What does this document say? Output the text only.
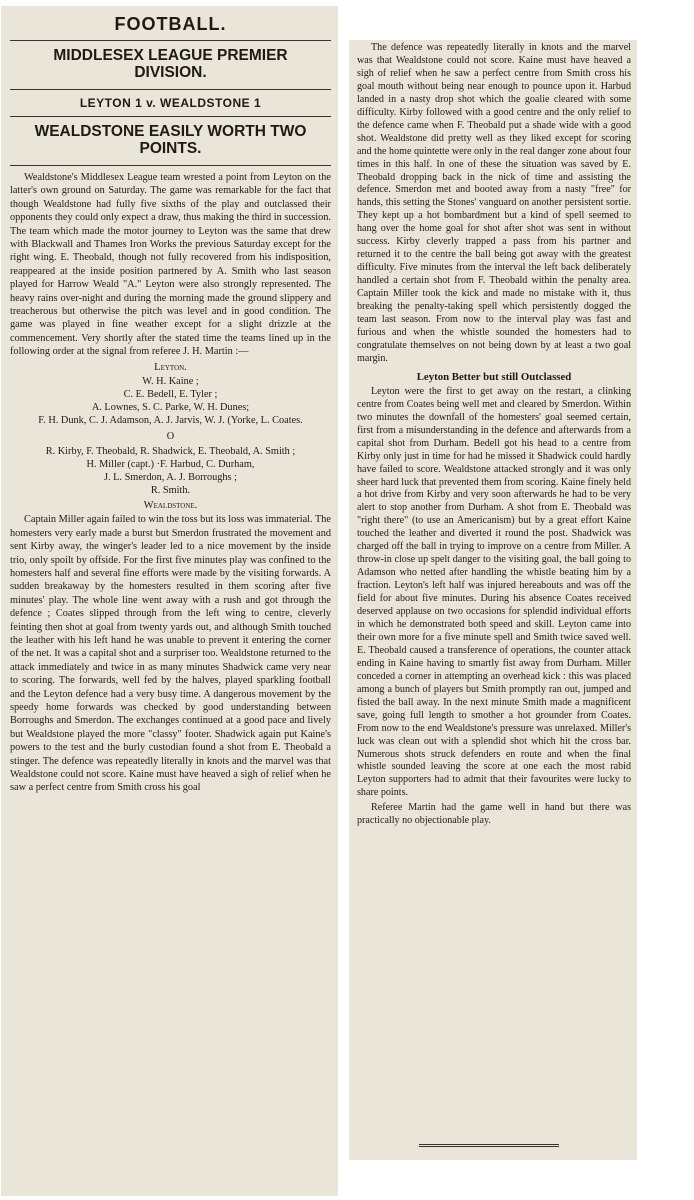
FOOTBALL.
MIDDLESEX LEAGUE PREMIER DIVISION.
LEYTON 1 v. WEALDSTONE 1
WEALDSTONE EASILY WORTH TWO POINTS.

Wealdstone's Middlesex League team wrested a point from Leyton on the latter's own ground on Saturday. The game was remarkable for the fact that though Wealdstone had fully five sixths of the play and outclassed their opponents they could only expect a draw, thus making the third in succession. The team which made the motor journey to Leyton was the same that drew with Blackwall and Thames Iron Works the previous Saturday except for the right wing. E. Theobald, though not fully recovered from his indisposition, reappeared at the inside position partnered by A. Smith who last season played for Harrow Weald "A." Leyton were also strongly represented. The heavy rains over-night and during the morning made the ground slippery and treacherous but otherwise the pitch was level and in good condition. The game was played in fine weather except for a slight drizzle at the commencement. Very shortly after the stated time the teams lined up in the following order at the signal from referee J. H. Martin :—

Leyton.

W. H. Kaine ;

C. E. Bedell, E. Tyler ;

A. Lownes, S. C. Parke, W. H. Dunes;

F. H. Dunk, C. J. Adamson, A. J. Jarvis, W. J. (Yorke, L. Coates.

O

R. Kirby, F. Theobald, R. Shadwick, E. Theobald, A. Smith ;

H. Miller (capt.) ·F. Harbud, C. Durham,

J. L. Smerdon, A. J. Borroughs ;

R. Smith.

Wealdstone.

Captain Miller again failed to win the toss but its loss was immaterial. The homesters very early made a burst but Smerdon frustrated the movement and sent Kirby away, the winger's leader led to a nice movement by the inside trio, only spoilt by offside. For the first five minutes play was confined to the homesters half and several fine efforts were made by the visiting forwards. A sudden breakaway by the homesters resulted in them scoring after five minutes' play. The whole line went away with a rush and got through the defence ; Coates slipped through from the left wing to centre, cleverly feinting then shot at goal from twenty yards out, and although Smith touched the leather with his left hand he was unable to prevent it entering the corner of the net. It was a capital shot and a surpriser too. Wealdstone returned to the attack immediately and twice in as many minutes Shadwick came very near to scoring. The forwards, well fed by the halves, played sparkling football and the Leyton defence had a very busy time. A dangerous movement by the speedy home forwards was checked by good understanding between Borroughs and Smerdon. The exchanges continued at a good pace and lively but Wealdstone played the more "classy" footer. Shadwick again put Kaine's powers to the test and the burly custodian found a shot from E. Theobald a stinger. The defence was repeatedly literally in knots and the marvel was that Wealdstone could not score. Kaine must have heaved a sigh of relief when he saw a perfect centre from Smith cross his goal

The defence was repeatedly literally in knots and the marvel was that Wealdstone could not score. Kaine must have heaved a sigh of relief when he saw a perfect centre from Smith cross his goal mouth without being near enough to pounce upon it. Harbud landed in a nasty drop shot which the goalie cleared with some difficulty. Kirby followed with a good centre and the only relief to the defence came when F. Theobald put a shade wide with a good shot. Wealdstone did pretty well as they liked except for scoring and the home quintette were only in the real danger zone about four times in this half. In one of these the situation was saved by E. Theobald dropping back in the nick of time and assisting the defence. Smerdon met and booted away from a nasty "free" for hands, this setting the Stones' vanguard on another persistent sortie. They kept up a hot bombardment but a kind of spell seemed to hang over the home goal for shot after shot was sent in without success. Kirby cleverly trapped a pass from his partner and returned it to the centre the ball being got away with the greatest difficulty. Five minutes from the interval the left back deliberately handled a certain shot from F. Theobald within the penalty area. Captain Miller took the kick and made no mistake with it, thus breaking the penalty-taking spell which persistently dogged the team last season. From now to the interval play was fast and furious and when the whistle sounded the homesters had to congratulate themselves on not being down by at least a two goal margin.

Leyton Better but still Outclassed

Leyton were the first to get away on the restart, a clinking centre from Coates being well met and cleared by Smerdon. Within two minutes the downfall of the homesters' goal seemed certain, first from a misunderstanding in the defence and afterwards from a capital shot from Durham. Bedell got his head to a centre from Kirby only just in time for had he missed it Shadwick could hardly have failed to score. Wealdstone attacked strongly and it was only sheer hard luck that prevented them from scoring. Kaine finely held a hot drive from Kirby and very soon afterwards he had to be very alert to stop another from Durham. A shot from E. Theobald was "right there" (to use an Americanism) but by a great effort Kaine touched the leather and diverted it round the post. Shadwick was charged off the ball in trying to improve on a centre from Miller. A throw-in close up spelt danger to the visiting goal, the ball going to Adamson who netted after handling the whistle beating him by a fraction. Leyton's left half was injured hereabouts and was off the field for about five minutes. During his absence Coates received deserved applause on two occasions for splendid individual efforts in which he demonstrated both speed and skill. Leyton came into their own more for a five minute spell and Smith twice saved well. E. Theobald caused a transference of operations, the counter attack ending in Kaine having to smartly fist away from Durham. Miller conceded a corner in attempting an overhead kick : this was placed among a bunch of players but Smith promptly ran out, jumped and fisted the ball away. In the next minute Smith made a magnificent save, going full length to smother a hot grounder from Coates. From now to the end Wealdstone's pressure was unrelaxed. Miller's luck was clean out with a splendid shot which hit the cross bar. Numerous shots struck defenders en route and when the final whistle sounded leaving the score at one each the most rabid Leyton supporters had to admit that their favourites were lucky to share points.

Referee Martin had the game well in hand but there was practically no objectionable play.
